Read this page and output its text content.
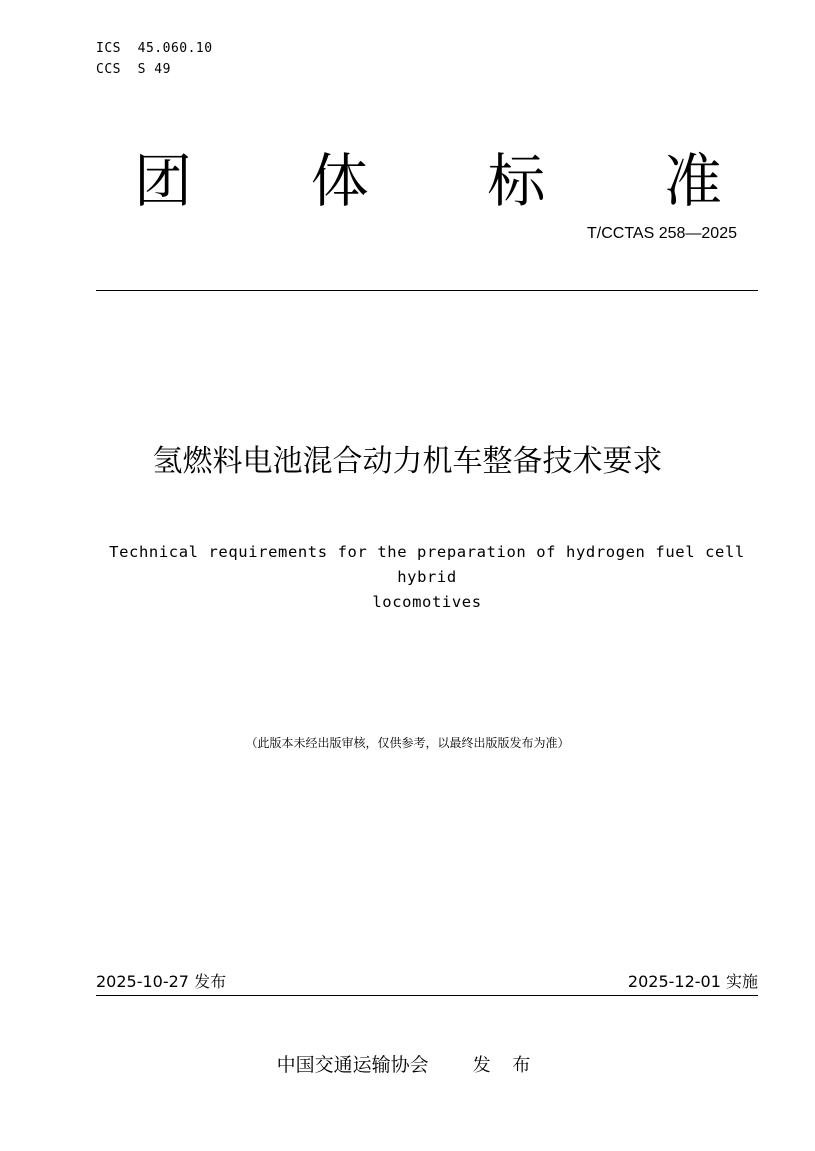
ICS  45.060.10
CCS  S 49
团 体 标 准
T/CCTAS 258—2025
氢燃料电池混合动力机车整备技术要求
Technical requirements for the preparation of hydrogen fuel cell hybrid
locomotives
（此版本未经出版审核，仅供参考，以最终出版版发布为准）
2025-10-27 发布	2025-12-01 实施
中国交通运输协会 发 布
